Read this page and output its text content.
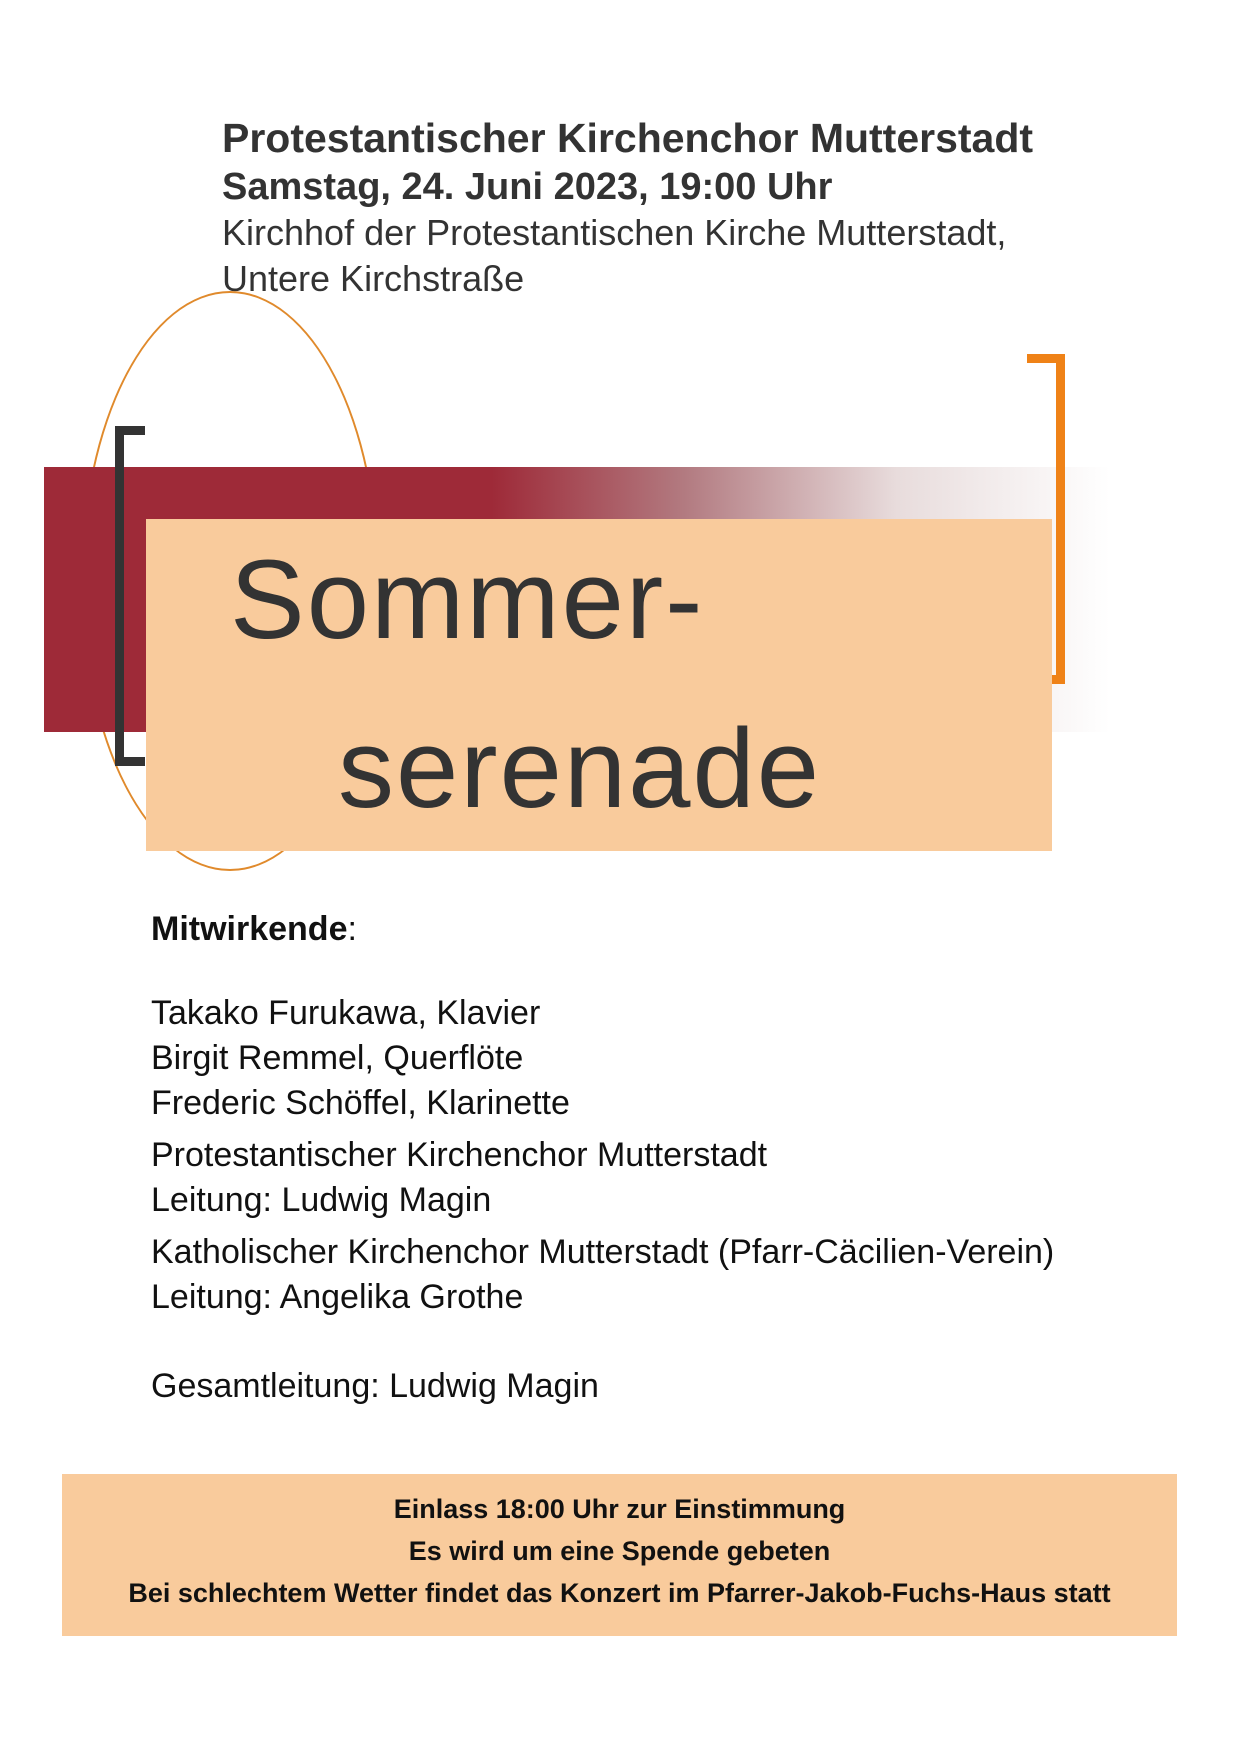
Protestantischer Kirchenchor Mutterstadt
Samstag, 24. Juni 2023, 19:00 Uhr
Kirchhof der Protestantischen Kirche Mutterstadt,
Untere Kirchstraße
Sommer-
serenade
Mitwirkende:
Takako Furukawa, Klavier
Birgit Remmel, Querflöte
Frederic Schöffel, Klarinette
Protestantischer Kirchenchor Mutterstadt
Leitung: Ludwig Magin
Katholischer Kirchenchor Mutterstadt (Pfarr-Cäcilien-Verein)
Leitung: Angelika Grothe
Gesamtleitung: Ludwig Magin
Einlass 18:00 Uhr zur Einstimmung
Es wird um eine Spende gebeten
Bei schlechtem Wetter findet das Konzert im Pfarrer-Jakob-Fuchs-Haus statt
